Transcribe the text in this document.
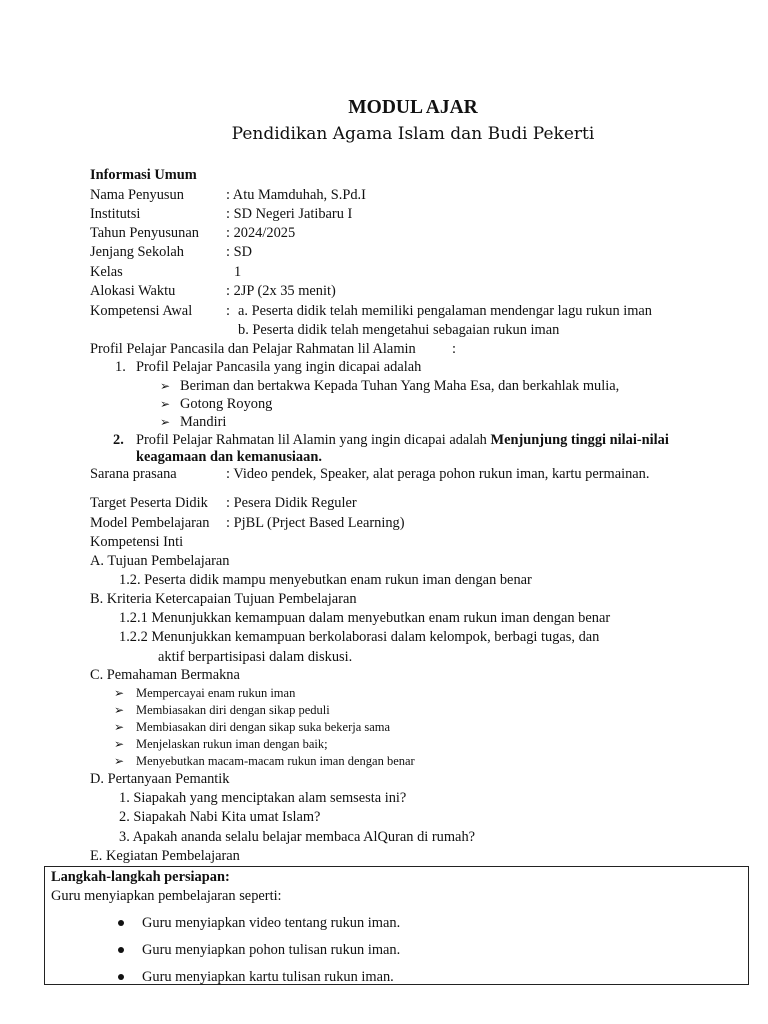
MODUL AJAR
Pendidikan Agama Islam dan Budi Pekerti
Informasi Umum
Nama Penyusun	: Atu Mamduhah, S.Pd.I
Institutsi	: SD Negeri Jatibaru I
Tahun Penyusunan : 2024/2025
Jenjang Sekolah	: SD
Kelas	1
Alokasi Waktu	: 2JP (2x 35 menit)
Kompetensi Awal : a. Peserta didik telah memiliki pengalaman mendengar lagu rukun iman
b. Peserta didik telah mengetahui sebagaian rukun iman
Profil Pelajar Pancasila dan Pelajar Rahmatan lil Alamin	:
1. Profil Pelajar Pancasila yang ingin dicapai adalah
➢ Beriman dan bertakwa Kepada Tuhan Yang Maha Esa, dan berkahlak mulia,
➢ Gotong Royong
➢ Mandiri
2. Profil Pelajar Rahmatan lil Alamin yang ingin dicapai adalah Menjunjung tinggi nilai-nilai
keagamaan dan kemanusiaan.
Sarana prasana	: Video pendek, Speaker, alat peraga pohon rukun iman, kartu permainan.
Target Peserta Didik : Pesera Didik Reguler
Model Pembelajaran : PjBL (Prject Based Learning)
Kompetensi Inti
A. Tujuan Pembelajaran
1.2. Peserta didik mampu menyebutkan enam rukun iman dengan benar
B. Kriteria Ketercapaian Tujuan Pembelajaran
1.2.1 Menunjukkan kemampuan dalam menyebutkan enam rukun iman dengan benar
1.2.2 Menunjukkan kemampuan berkolaborasi dalam kelompok, berbagi tugas, dan
aktif berpartisipasi dalam diskusi.
C. Pemahaman Bermakna
➢ Mempercayai enam rukun iman
➢ Membiasakan diri dengan sikap peduli
➢ Membiasakan diri dengan sikap suka bekerja sama
➢ Menjelaskan rukun iman dengan baik;
➢ Menyebutkan macam-macam rukun iman dengan benar
D. Pertanyaan Pemantik
1. Siapakah yang menciptakan alam semsesta ini?
2. Siapakah Nabi Kita umat Islam?
3. Apakah ananda selalu belajar membaca AlQuran di rumah?
E. Kegiatan Pembelajaran
Langkah-langkah persiapan:
Guru menyiapkan pembelajaran seperti:
Guru menyiapkan video tentang rukun iman.
Guru menyiapkan pohon tulisan rukun iman.
Guru menyiapkan kartu tulisan rukun iman.
